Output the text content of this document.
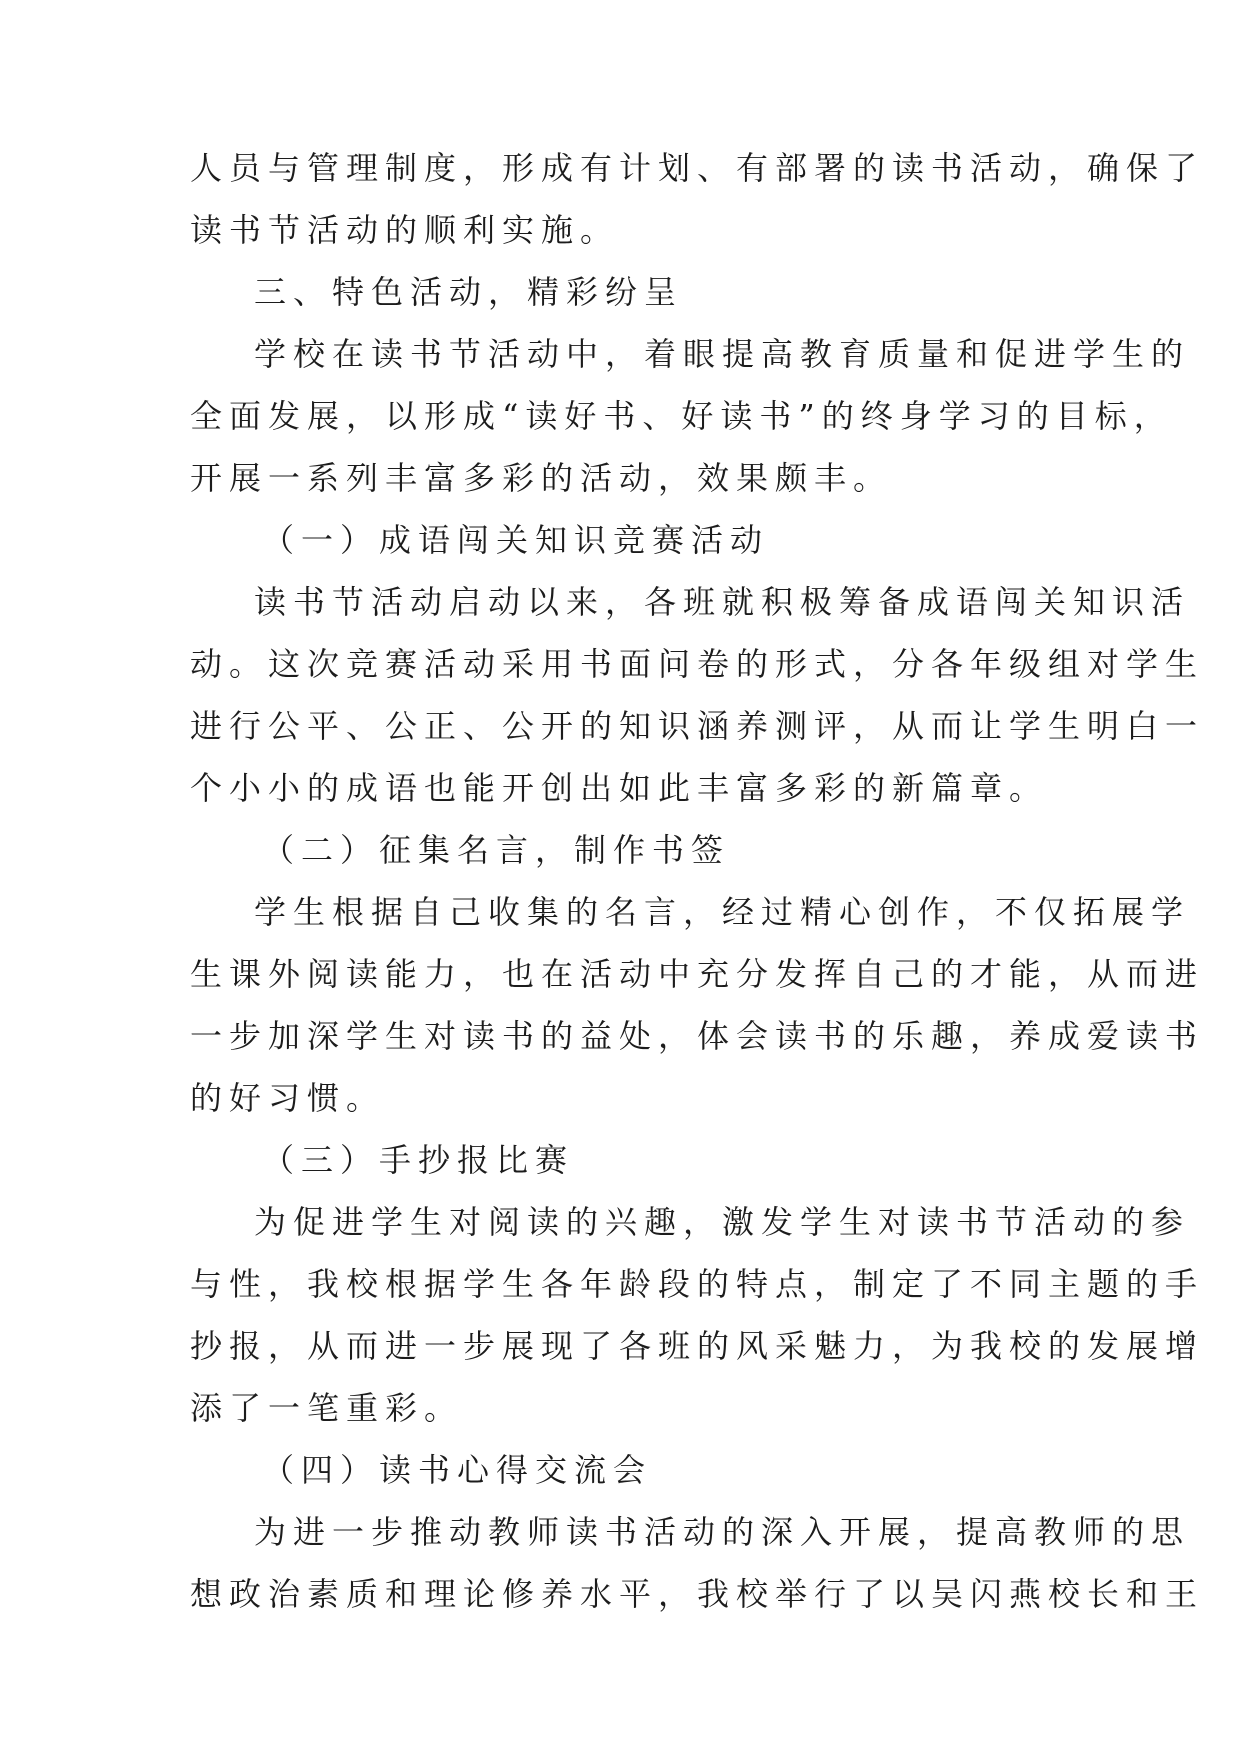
人员与管理制度，形成有计划、有部署的读书活动，确保了
读书节活动的顺利实施。
三、特色活动，精彩纷呈
学校在读书节活动中，着眼提高教育质量和促进学生的
全面发展，以形成“读好书、好读书”的终身学习的目标，
开展一系列丰富多彩的活动，效果颇丰。
（一）成语闯关知识竞赛活动
读书节活动启动以来，各班就积极筹备成语闯关知识活
动。这次竞赛活动采用书面问卷的形式，分各年级组对学生
进行公平、公正、公开的知识涵养测评，从而让学生明白一
个小小的成语也能开创出如此丰富多彩的新篇章。
（二）征集名言，制作书签
学生根据自己收集的名言，经过精心创作，不仅拓展学
生课外阅读能力，也在活动中充分发挥自己的才能，从而进
一步加深学生对读书的益处，体会读书的乐趣，养成爱读书
的好习惯。
（三）手抄报比赛
为促进学生对阅读的兴趣，激发学生对读书节活动的参
与性，我校根据学生各年龄段的特点，制定了不同主题的手
抄报，从而进一步展现了各班的风采魅力，为我校的发展增
添了一笔重彩。
（四）读书心得交流会
为进一步推动教师读书活动的深入开展，提高教师的思
想政治素质和理论修养水平，我校举行了以吴闪燕校长和王
